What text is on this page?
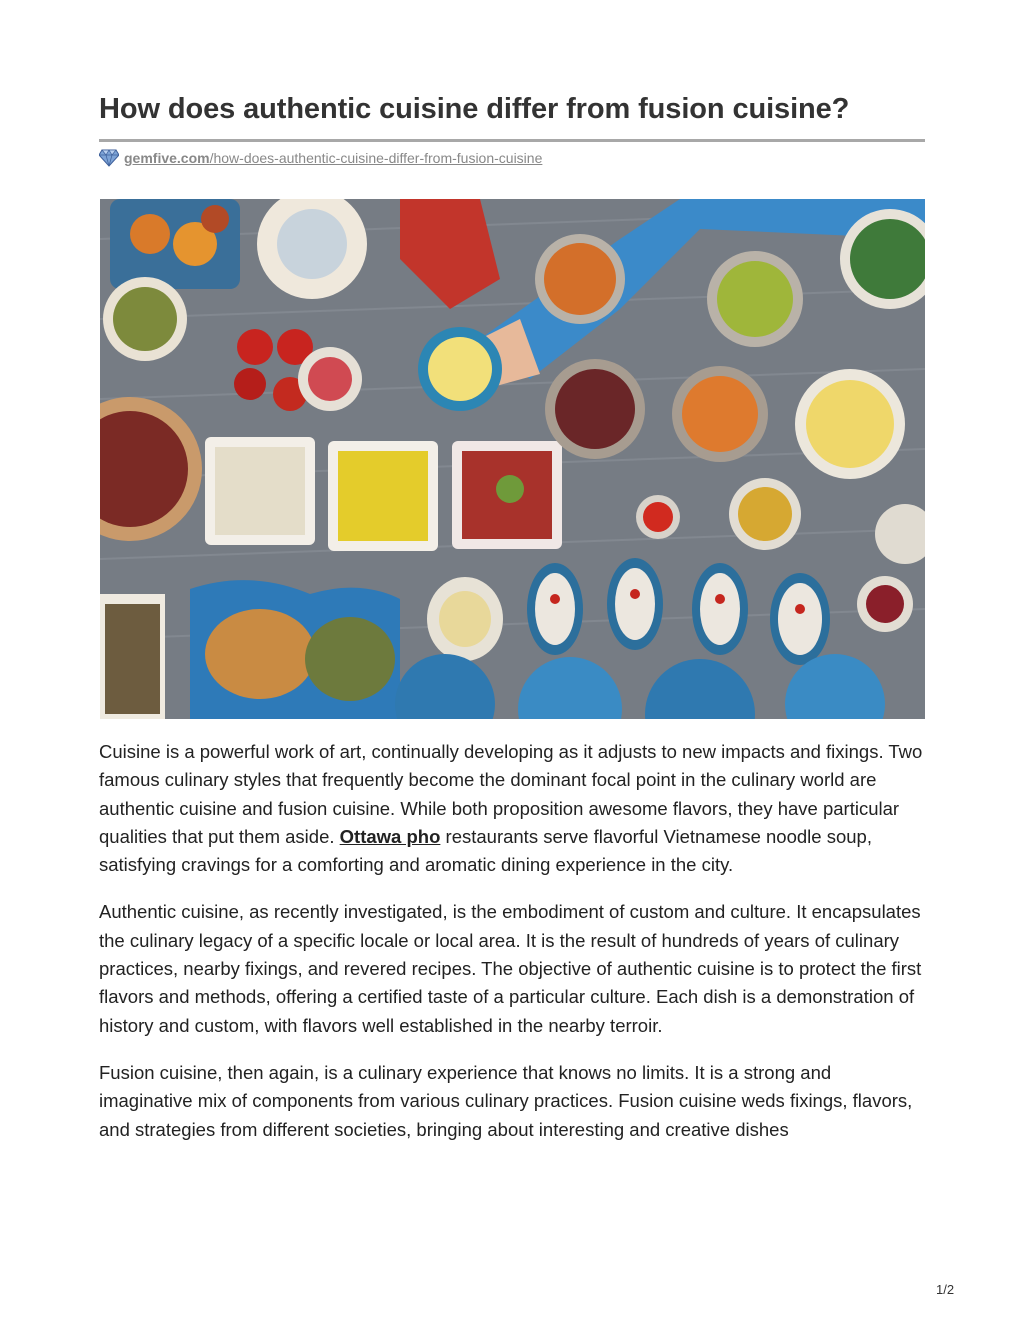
How does authentic cuisine differ from fusion cuisine?
gemfive.com/how-does-authentic-cuisine-differ-from-fusion-cuisine

Cuisine is a powerful work of art, continually developing as it adjusts to new impacts and fixings. Two famous culinary styles that frequently become the dominant focal point in the culinary world are authentic cuisine and fusion cuisine. While both proposition awesome flavors, they have particular qualities that put them aside. Ottawa pho restaurants serve flavorful Vietnamese noodle soup, satisfying cravings for a comforting and aromatic dining experience in the city.

Authentic cuisine, as recently investigated, is the embodiment of custom and culture. It encapsulates the culinary legacy of a specific locale or local area. It is the result of hundreds of years of culinary practices, nearby fixings, and revered recipes. The objective of authentic cuisine is to protect the first flavors and methods, offering a certified taste of a particular culture. Each dish is a demonstration of history and custom, with flavors well established in the nearby terroir.

Fusion cuisine, then again, is a culinary experience that knows no limits. It is a strong and imaginative mix of components from various culinary practices. Fusion cuisine weds fixings, flavors, and strategies from different societies, bringing about interesting and creative dishes

1/2
